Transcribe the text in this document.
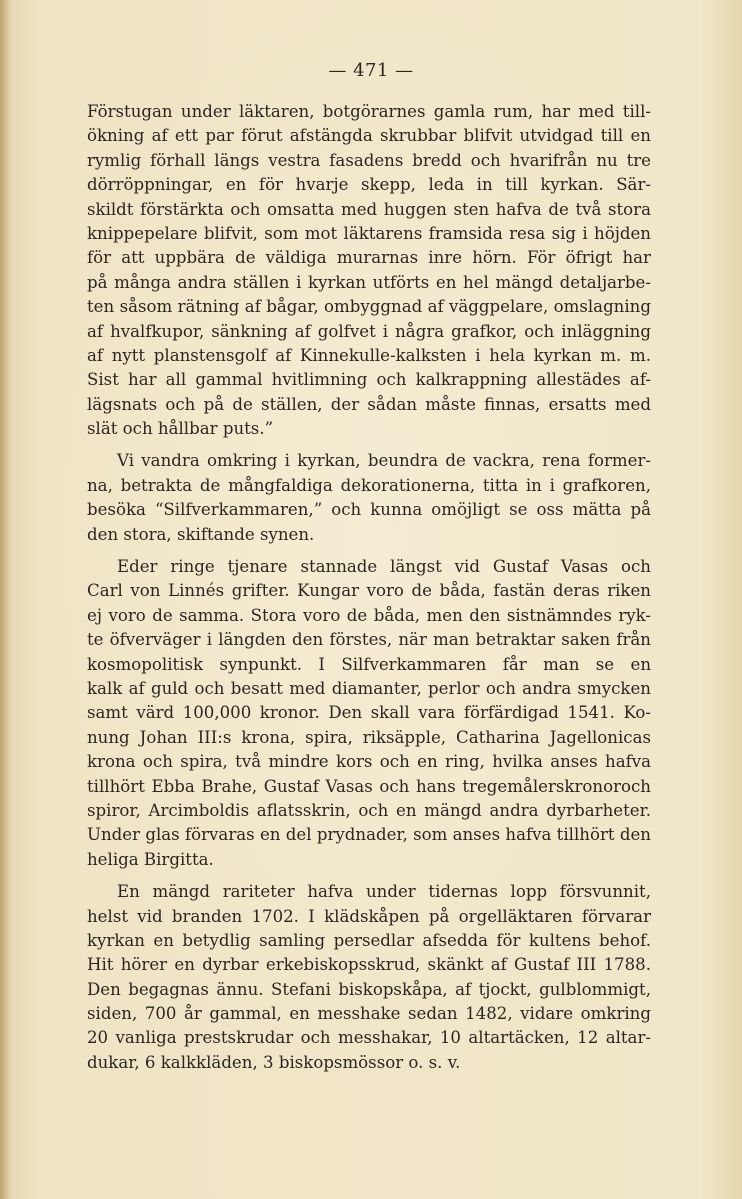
— 471 —
Förstugan under läktaren, botgörarnes gamla rum, har med till-
ökning af ett par förut afstängda skrubbar blifvit utvidgad till en
rymlig förhall längs vestra fasadens bredd och hvarifrån nu tre
dörröppningar, en för hvarje skepp, leda in till kyrkan. Sär-
skildt förstärkta och omsatta med huggen sten hafva de två stora
knippepelare blifvit, som mot läktarens framsida resa sig i höjden
för att uppbära de väldiga murarnas inre hörn. För öfrigt har
på många andra ställen i kyrkan utförts en hel mängd detaljarbe-
ten såsom rätning af bågar, ombyggnad af väggpelare, omslagning
af hvalfkupor, sänkning af golfvet i några grafkor, och inläggning
af nytt planstensgolf af Kinnekulle-kalksten i hela kyrkan m. m.
Sist har all gammal hvitlimning och kalkrappning allestädes af-
lägsnats och på de ställen, der sådan måste finnas, ersatts med
slät och hållbar puts.”
Vi vandra omkring i kyrkan, beundra de vackra, rena former-
na, betrakta de mångfaldiga dekorationerna, titta in i grafkoren,
besöka “Silfverkammaren,” och kunna omöjligt se oss mätta på
den stora, skiftande synen.
Eder ringe tjenare stannade längst vid Gustaf Vasas och
Carl von Linnés grifter. Kungar voro de båda, fastän deras riken
ej voro de samma. Stora voro de båda, men den sistnämndes ryk-
te öfverväger i längden den förstes, när man betraktar saken från
kosmopolitisk synpunkt. I Silfverkammaren får man se en
kalk af guld och besatt med diamanter, perlor och andra smycken
samt värd 100,000 kronor. Den skall vara förfärdigad 1541. Ko-
nung Johan III:s krona, spira, riksäpple, Catharina Jagellonicas
krona och spira, två mindre kors och en ring, hvilka anses hafva
tillhört Ebba Brahe, Gustaf Vasas och hans tregemålerskronoroch
spiror, Arcimboldis aflatsskrin, och en mängd andra dyrbarheter.
Under glas förvaras en del prydnader, som anses hafva tillhört den
heliga Birgitta.
En mängd rariteter hafva under tidernas lopp försvunnit,
helst vid branden 1702. I klädskåpen på orgelläktaren förvarar
kyrkan en betydlig samling persedlar afsedda för kultens behof.
Hit hörer en dyrbar erkebiskopsskrud, skänkt af Gustaf III 1788.
Den begagnas ännu. Stefani biskopskåpa, af tjockt, gulblommigt,
siden, 700 år gammal, en messhake sedan 1482, vidare omkring
20 vanliga prestskrudar och messhakar, 10 altartäcken, 12 altar-
dukar, 6 kalkkläden, 3 biskopsmössor o. s. v.
